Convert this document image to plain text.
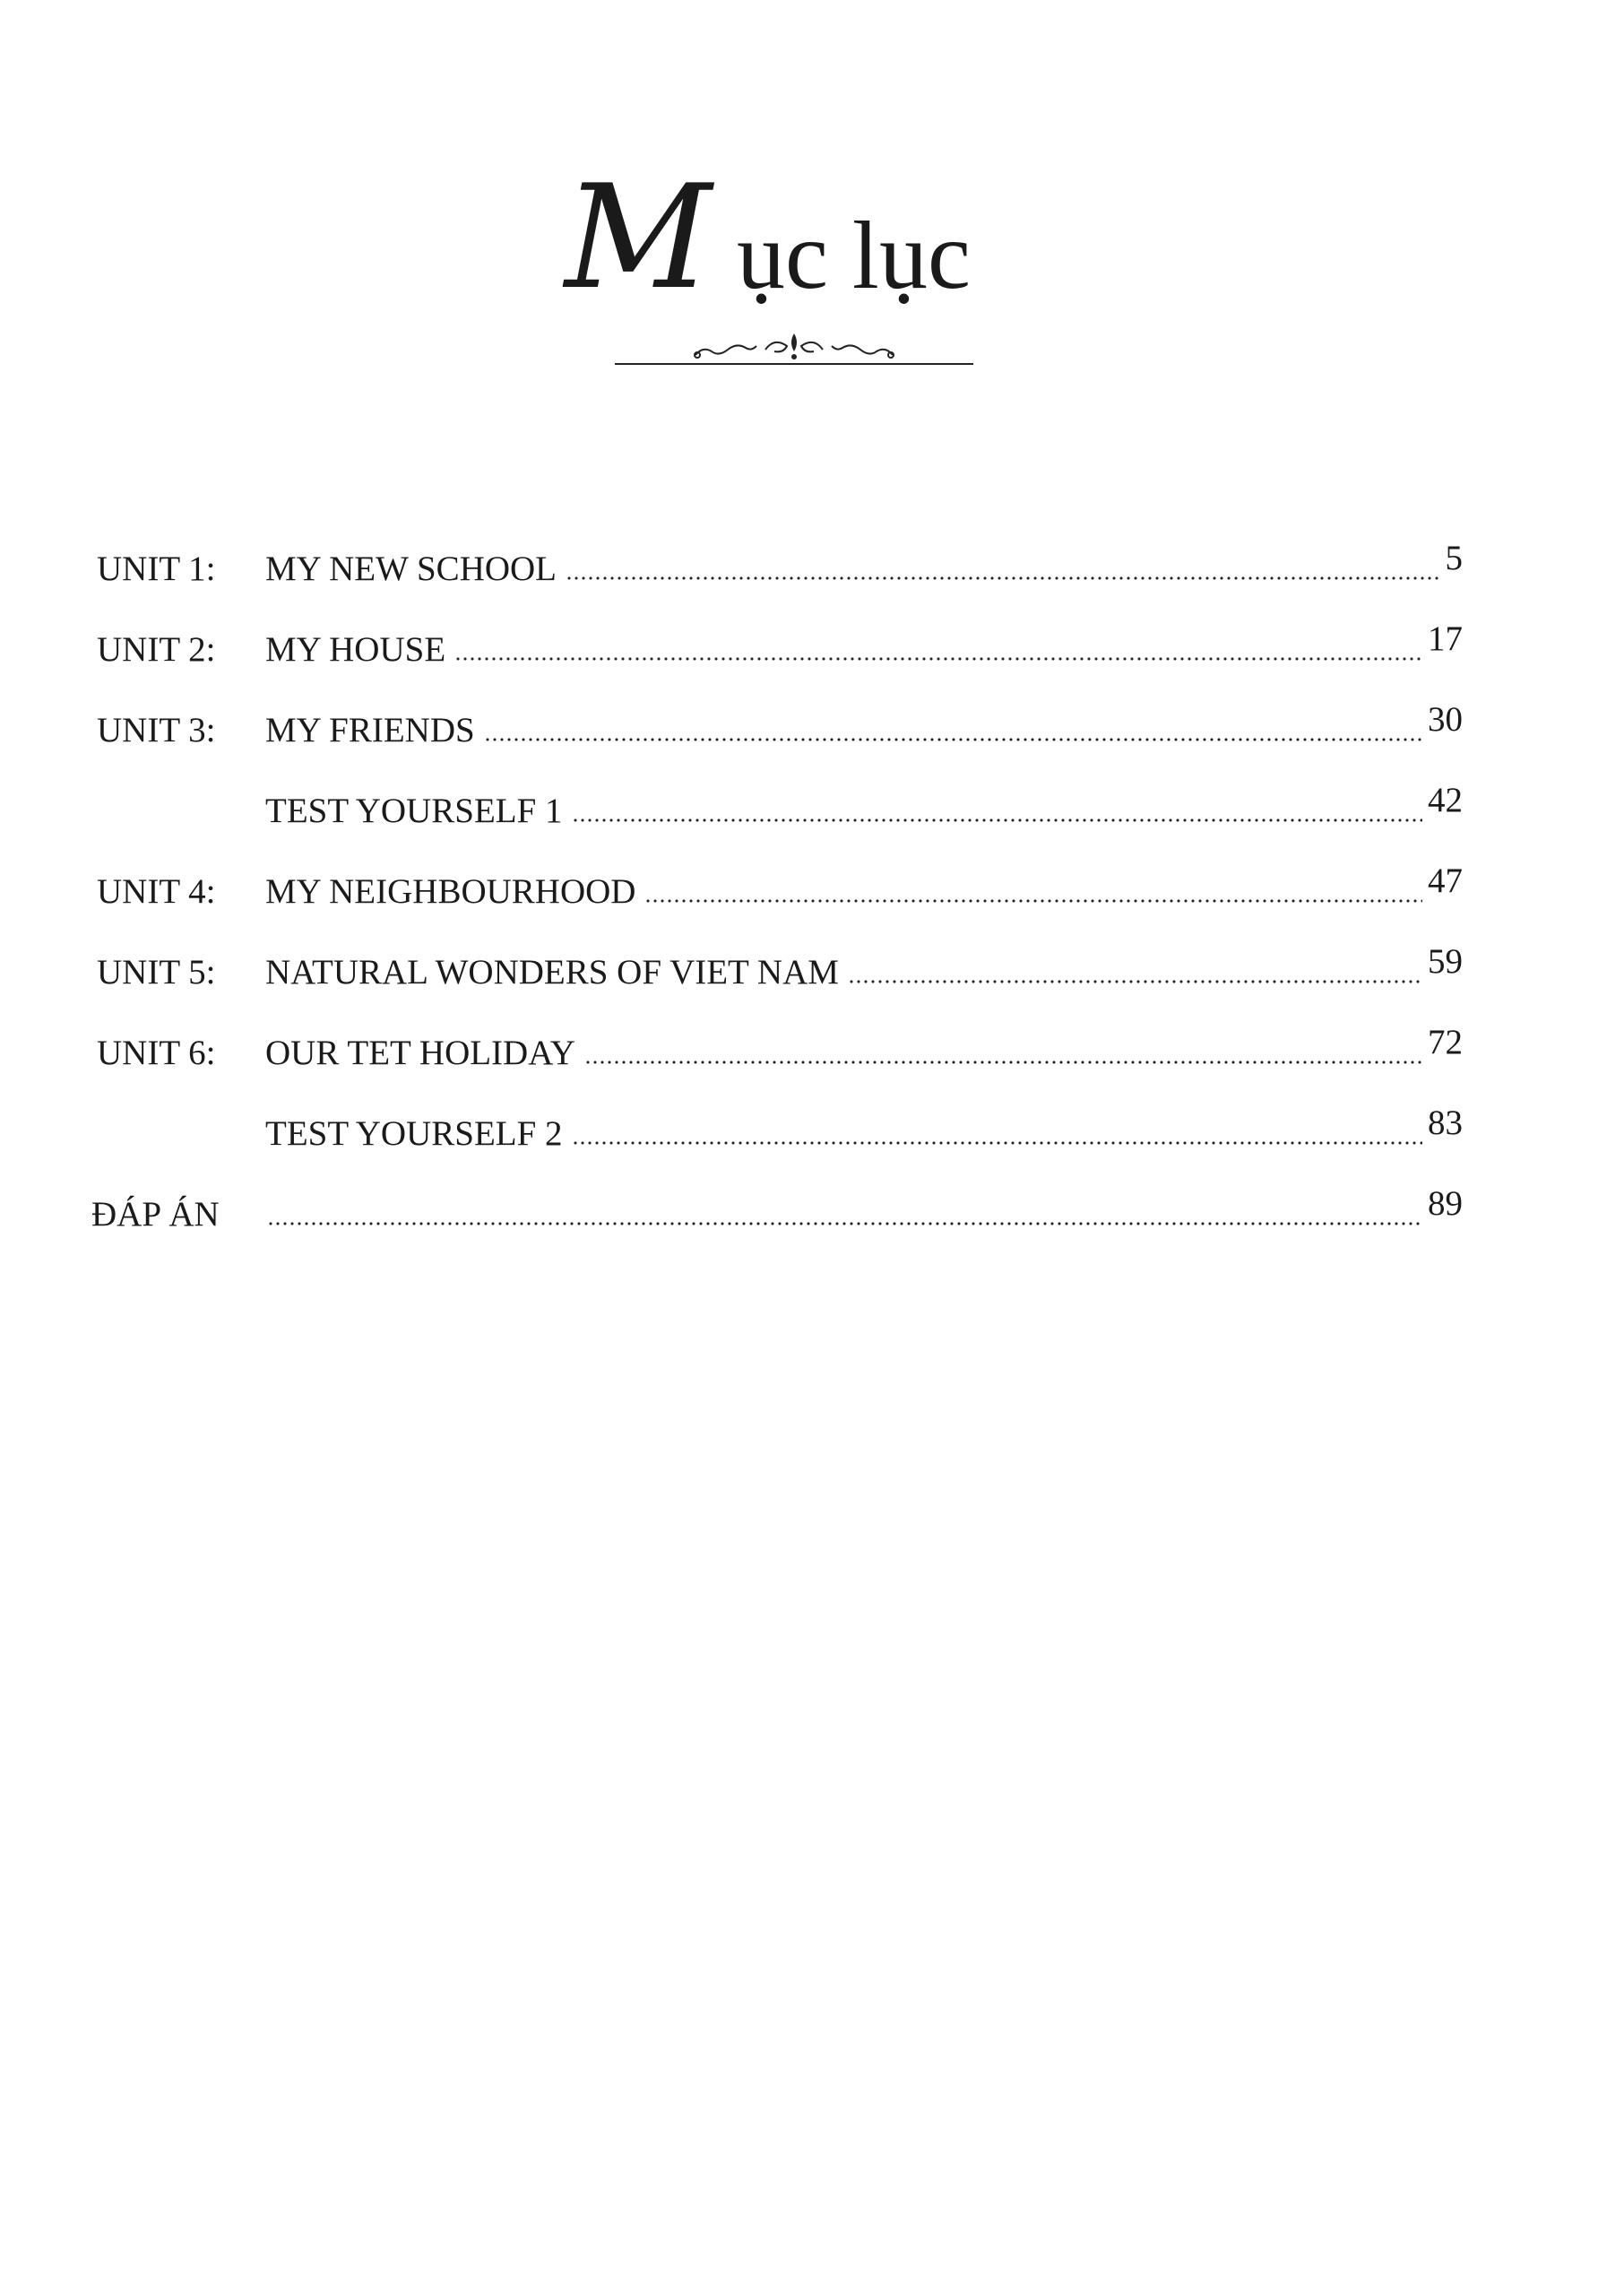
M ục lục
UNIT 1: MY NEW SCHOOL	5
UNIT 2: MY HOUSE	17
UNIT 3: MY FRIENDS	30
TEST YOURSELF 1	42
UNIT 4: MY NEIGHBOURHOOD	47
UNIT 5: NATURAL WONDERS OF VIET NAM	59
UNIT 6: OUR TET HOLIDAY	72
TEST YOURSELF 2	83
ĐÁP ÁN	89
